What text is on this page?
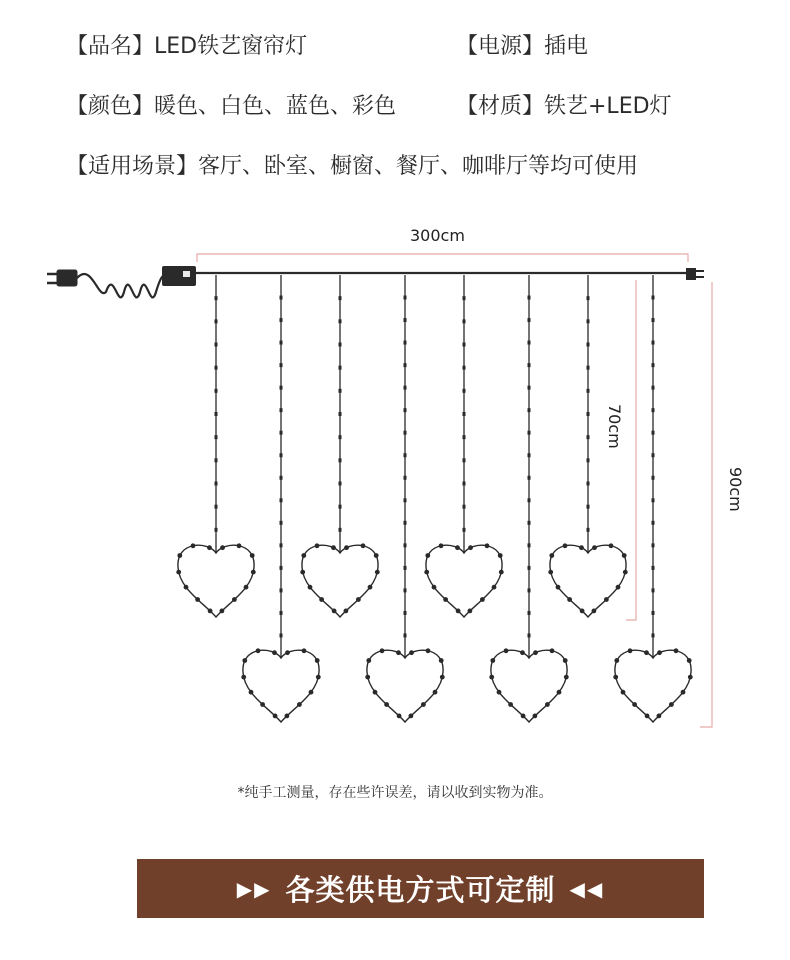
【品名】LED铁艺窗帘灯	【电源】插电
【颜色】暖色、白色、蓝色、彩色	【材质】铁艺+LED灯
【适用场景】客厅、卧室、橱窗、餐厅、咖啡厅等均可使用
300cm
70cm
90cm
*纯手工测量，存在些许误差，请以收到实物为准。
▶▶ 各类供电方式可定制 ◀◀
